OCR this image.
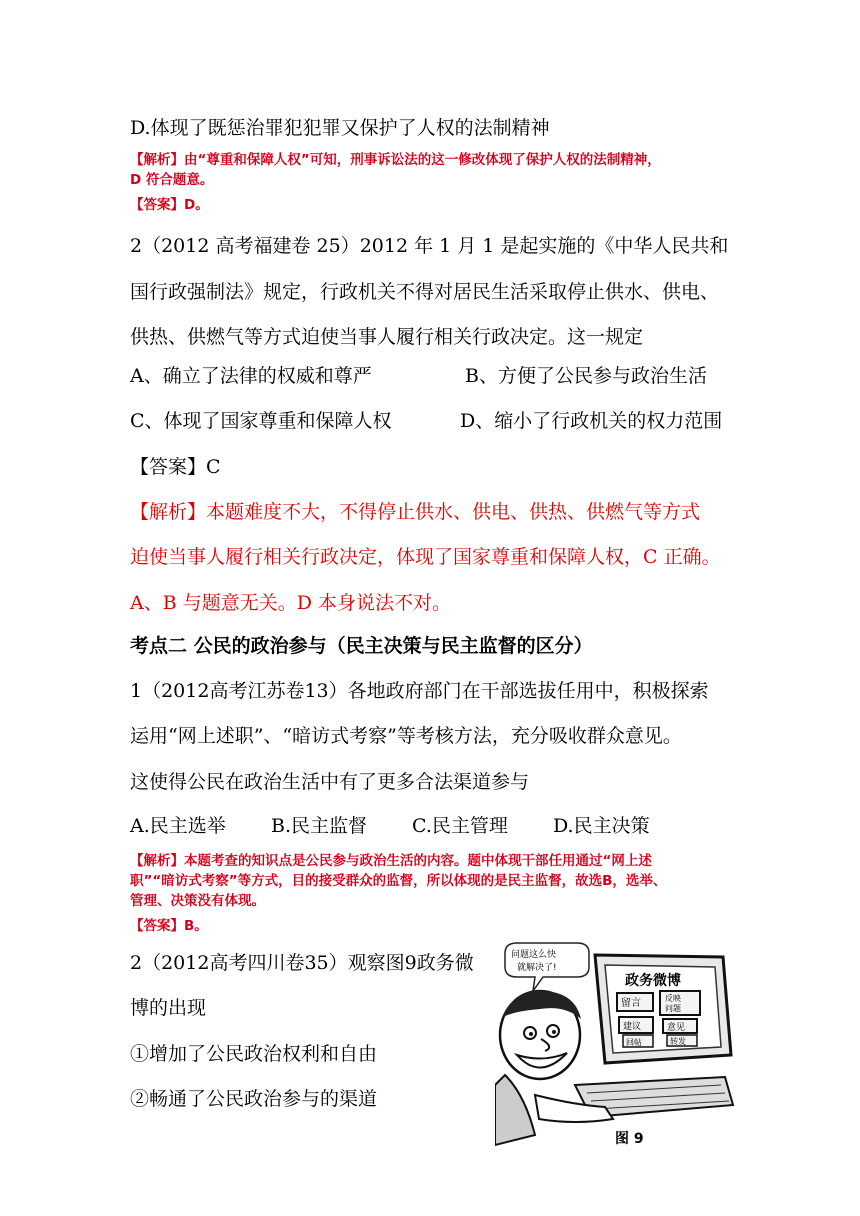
D.体现了既惩治罪犯犯罪又保护了人权的法制精神
【解析】由“尊重和保障人权”可知，刑事诉讼法的这一修改体现了保护人权的法制精神，
D 符合题意。
【答案】D。
2（2012 高考福建卷 25）2012 年 1 月 1 是起实施的《中华人民共和
国行政强制法》规定，行政机关不得对居民生活采取停止供水、供电、
供热、供燃气等方式迫使当事人履行相关行政决定。这一规定
A、确立了法律的权威和尊严	B、方便了公民参与政治生活
C、体现了国家尊重和保障人权	D、缩小了行政机关的权力范围
【答案】C
【解析】本题难度不大，不得停止供水、供电、供热、供燃气等方式
迫使当事人履行相关行政决定，体现了国家尊重和保障人权，C 正确。
A、B 与题意无关。D 本身说法不对。
考点二 公民的政治参与（民主决策与民主监督的区分）
1（2012高考江苏卷13）各地政府部门在干部选拔任用中，积极探索
运用“网上述职”、“暗访式考察”等考核方法，充分吸收群众意见。
这使得公民在政治生活中有了更多合法渠道参与
A.民主选举 B.民主监督 C.民主管理 D.民主决策
【解析】本题考查的知识点是公民参与政治生活的内容。题中体现干部任用通过“网上述
职”“暗访式考察”等方式，目的接受群众的监督，所以体现的是民主监督，故选B，选举、
管理、决策没有体现。
【答案】B。
2（2012高考四川卷35）观察图9政务微
博的出现
①增加了公民政治权利和自由
②畅通了公民政治参与的渠道
问题这么快
就解决了!
政务微博
留言	反映
问题
建议	意见
回帖	转发
图 9
